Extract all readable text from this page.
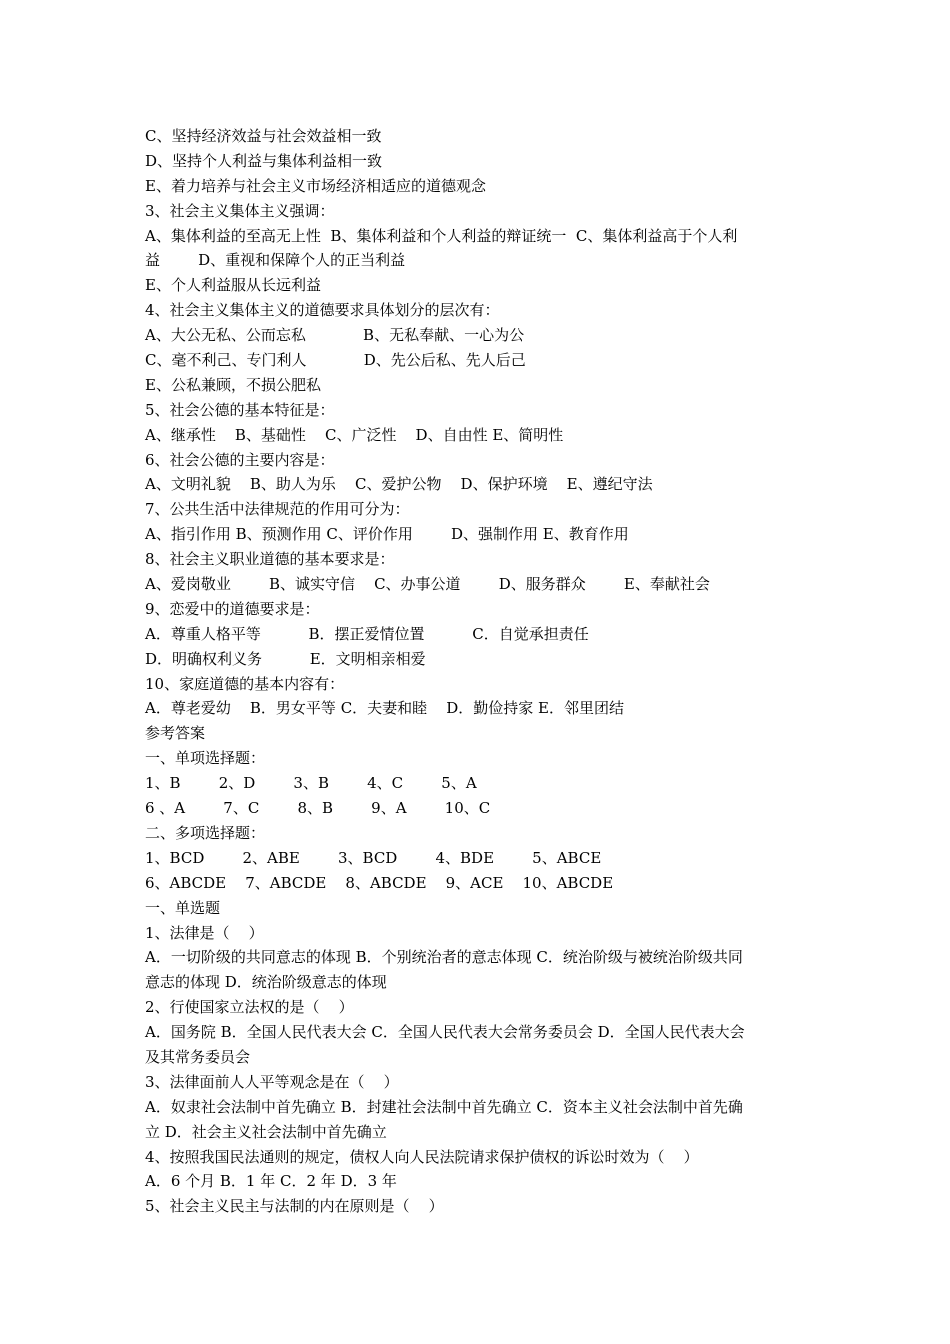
C、坚持经济效益与社会效益相一致
D、坚持个人利益与集体利益相一致
E、着力培养与社会主义市场经济相适应的道德观念
3、社会主义集体主义强调：
A、集体利益的至高无上性  B、集体利益和个人利益的辩证统一  C、集体利益高于个人利
益        D、重视和保障个人的正当利益
E、个人利益服从长远利益
4、社会主义集体主义的道德要求具体划分的层次有：
A、大公无私、公而忘私            B、无私奉献、一心为公
C、毫不利己、专门利人            D、先公后私、先人后己
E、公私兼顾，不损公肥私
5、社会公德的基本特征是：
A、继承性    B、基础性    C、广泛性    D、自由性 E、简明性
6、社会公德的主要内容是：
A、文明礼貌    B、助人为乐    C、爱护公物    D、保护环境    E、遵纪守法
7、公共生活中法律规范的作用可分为：
A、指引作用 B、预测作用 C、评价作用        D、强制作用 E、教育作用
8、社会主义职业道德的基本要求是：
A、爱岗敬业        B、诚实守信    C、办事公道        D、服务群众        E、奉献社会
9、恋爱中的道德要求是：
A．尊重人格平等          B．摆正爱情位置          C．自觉承担责任
D．明确权利义务          E．文明相亲相爱
10、家庭道德的基本内容有：
A．尊老爱幼    B．男女平等 C．夫妻和睦    D．勤俭持家 E．邻里团结
参考答案
一、单项选择题：
1、B        2、D        3、B        4、C        5、A
6 、A        7、C        8、B        9、A        10、C
二、多项选择题：
1、BCD        2、ABE        3、BCD        4、BDE        5、ABCE
6、ABCDE    7、ABCDE    8、ABCDE    9、ACE    10、ABCDE
一、单选题
1、法律是（    ）
A．一切阶级的共同意志的体现 B．个别统治者的意志体现 C．统治阶级与被统治阶级共同
意志的体现 D．统治阶级意志的体现
2、行使国家立法权的是（    ）
A．国务院 B．全国人民代表大会 C．全国人民代表大会常务委员会 D．全国人民代表大会
及其常务委员会
3、法律面前人人平等观念是在（    ）
A．奴隶社会法制中首先确立 B．封建社会法制中首先确立 C．资本主义社会法制中首先确
立 D．社会主义社会法制中首先确立
4、按照我国民法通则的规定，债权人向人民法院请求保护债权的诉讼时效为（    ）
A．6 个月 B．1 年 C．2 年 D．3 年
5、社会主义民主与法制的内在原则是（    ）
